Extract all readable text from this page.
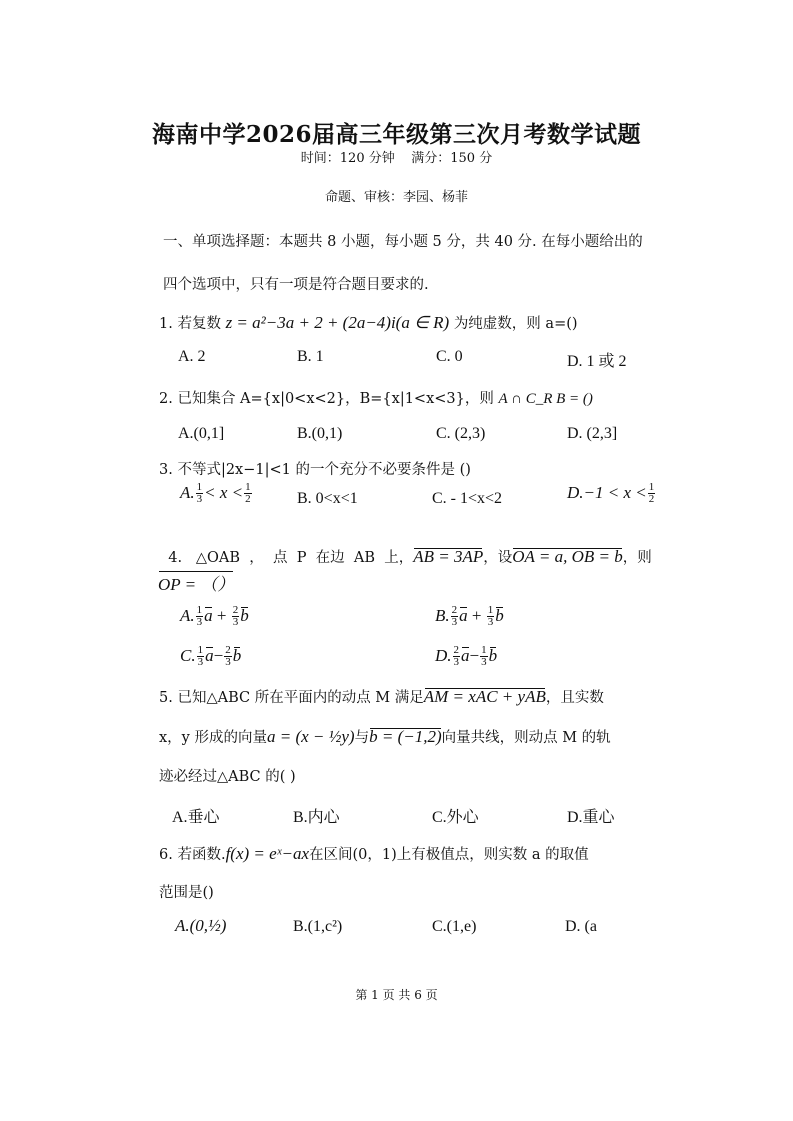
海南中学2026届高三年级第三次月考数学试题
时间：120 分钟    满分：150 分
命题、审核：李园、杨菲
一、单项选择题：本题共 8 小题，每小题 5 分，共 40 分. 在每小题给出的
四个选项中，只有一项是符合题目要求的.
1. 若复数 z = a²−3a + 2 + (2a−4)i(a ∈ R) 为纯虚数，则 a=()
A. 2	B. 1	C. 0	D. 1 或 2
2. 已知集合 A={x|0<x<2}，B={x|1<x<3}，则 A ∩ C_R B = ()
A.(0,1]	B.(0,1)	C. (2,3)	D. (2,3]
3. 不等式|2x−1|<1 的一个充分不必要条件是 ()
A. $\frac{1}{3} < x < \frac{1}{2}$	B. 0<x<1	C. - 1<x<2	$D.-1 < x < \frac{1}{2}$

4.   △OAB  ，  点  P  在边  AB  上，AB = 3AP，设OA = a, OB = b，则

OP = （）
A. $\frac{1}{3}$ $a + \frac{2}{3}$ b	B. $\frac{2}{3}$ $a + \frac{1}{3}$ b
C. $\frac{1}{3} a- \frac{2}{3}$ b	D. $\frac{2}{3} a- \frac{1}{3}$ b
5. 已知△ABC 所在平面内的动点 M 满足AM = xAC + yAB，且实数
x，y 形成的向量a = (x − ½y)与b = (−1,2)向量共线，则动点 M 的轨
迹必经过△ABC 的( )
A.垂心	B.内心	C.外心	D.重心
6. 若函数.f(x) = eˣ−ax在区间(0，1)上有极值点，则实数 a 的取值
范围是()
A.(0,½)	B.(1,c²)	C.(1,e)	D. (a
第 1 页 共 6 页
